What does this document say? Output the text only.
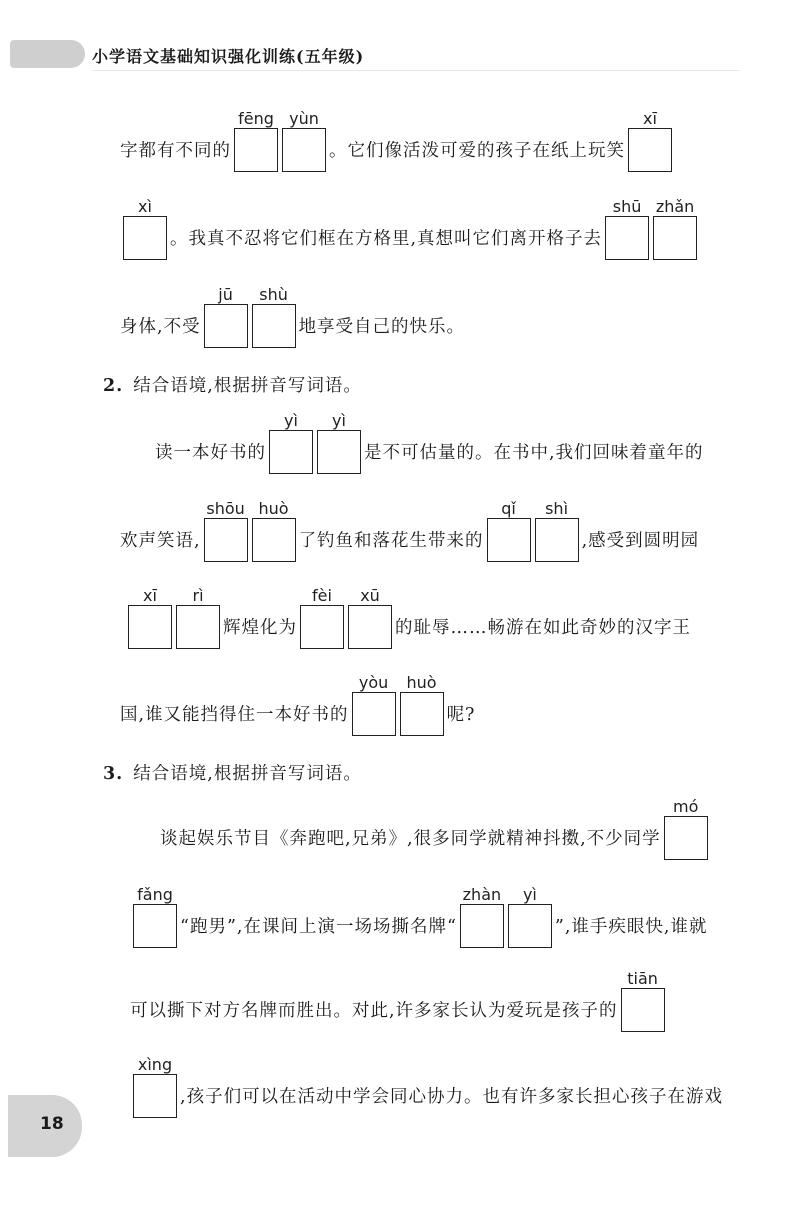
小学语文基础知识强化训练(五年级)
字都有不同的
fēng yùn
。它们像活泼可爱的孩子在纸上玩笑
xī
xì
。我真不忍将它们框在方格里,真想叫它们离开格子去
shū zhǎn
身体,不受
jū	shù
地享受自己的快乐。
2. 结合语境,根据拼音写词语。
读一本好书的
yì	yì
是不可估量的。在书中,我们回味着童年的
欢声笑语,
shōu huò
了钓鱼和落花生带来的
qǐ	shì
,感受到圆明园
xī	rì
辉煌化为
fèi	xū
的耻辱……畅游在如此奇妙的汉字王
国,谁又能挡得住一本好书的
yòu	huò
呢?
3. 结合语境,根据拼音写词语。
谈起娱乐节目《奔跑吧,兄弟》,很多同学就精神抖擞,不少同学
mó
fǎng
“跑男”,在课间上演一场场撕名牌“
zhàn	yì
”,谁手疾眼快,谁就
可以撕下对方名牌而胜出。对此,许多家长认为爱玩是孩子的
tiān
xìng
,孩子们可以在活动中学会同心协力。也有许多家长担心孩子在游戏
18
